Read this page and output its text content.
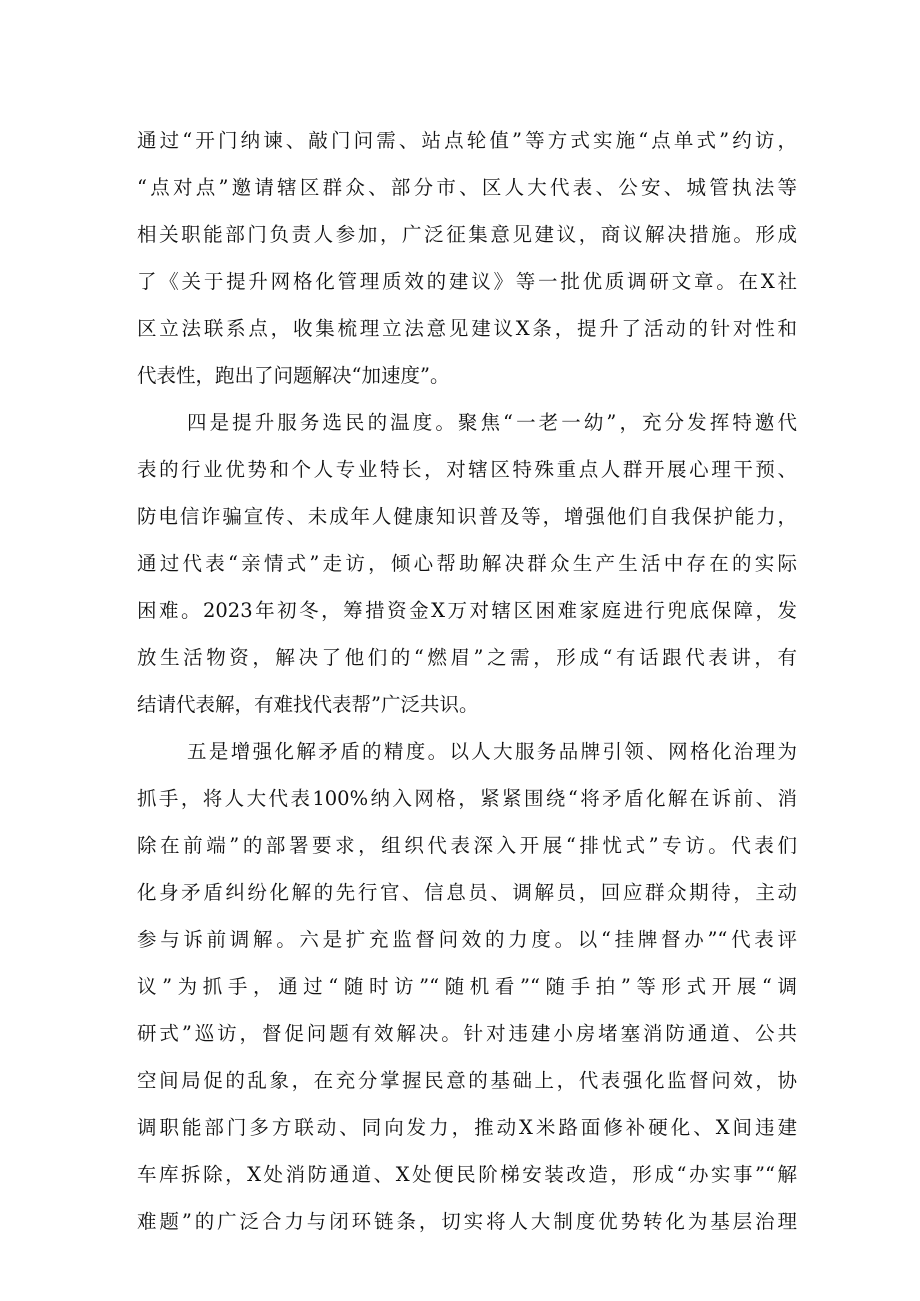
通过“开门纳谏、敲门问需、站点轮值”等方式实施“点单式”约访，
“点对点”邀请辖区群众、部分市、区人大代表、公安、城管执法等
相关职能部门负责人参加，广泛征集意见建议，商议解决措施。形成
了《关于提升网格化管理质效的建议》等一批优质调研文章。在X社
区立法联系点，收集梳理立法意见建议X条，提升了活动的针对性和
代表性，跑出了问题解决“加速度”。
四是提升服务选民的温度。聚焦“一老一幼”，充分发挥特邀代
表的行业优势和个人专业特长，对辖区特殊重点人群开展心理干预、
防电信诈骗宣传、未成年人健康知识普及等，增强他们自我保护能力，
通过代表“亲情式”走访，倾心帮助解决群众生产生活中存在的实际
困难。2023年初冬，筹措资金X万对辖区困难家庭进行兜底保障，发
放生活物资，解决了他们的“燃眉”之需，形成“有话跟代表讲，有
结请代表解，有难找代表帮”广泛共识。
五是增强化解矛盾的精度。以人大服务品牌引领、网格化治理为
抓手，将人大代表100%纳入网格，紧紧围绕“将矛盾化解在诉前、消
除在前端”的部署要求，组织代表深入开展“排忧式”专访。代表们
化身矛盾纠纷化解的先行官、信息员、调解员，回应群众期待，主动
参与诉前调解。六是扩充监督问效的力度。以“挂牌督办”“代表评
议”为抓手，通过“随时访”“随机看”“随手拍”等形式开展“调
研式”巡访，督促问题有效解决。针对违建小房堵塞消防通道、公共
空间局促的乱象，在充分掌握民意的基础上，代表强化监督问效，协
调职能部门多方联动、同向发力，推动X米路面修补硬化、X间违建
车库拆除，X处消防通道、X处便民阶梯安装改造，形成“办实事”“解
难题”的广泛合力与闭环链条，切实将人大制度优势转化为基层治理
